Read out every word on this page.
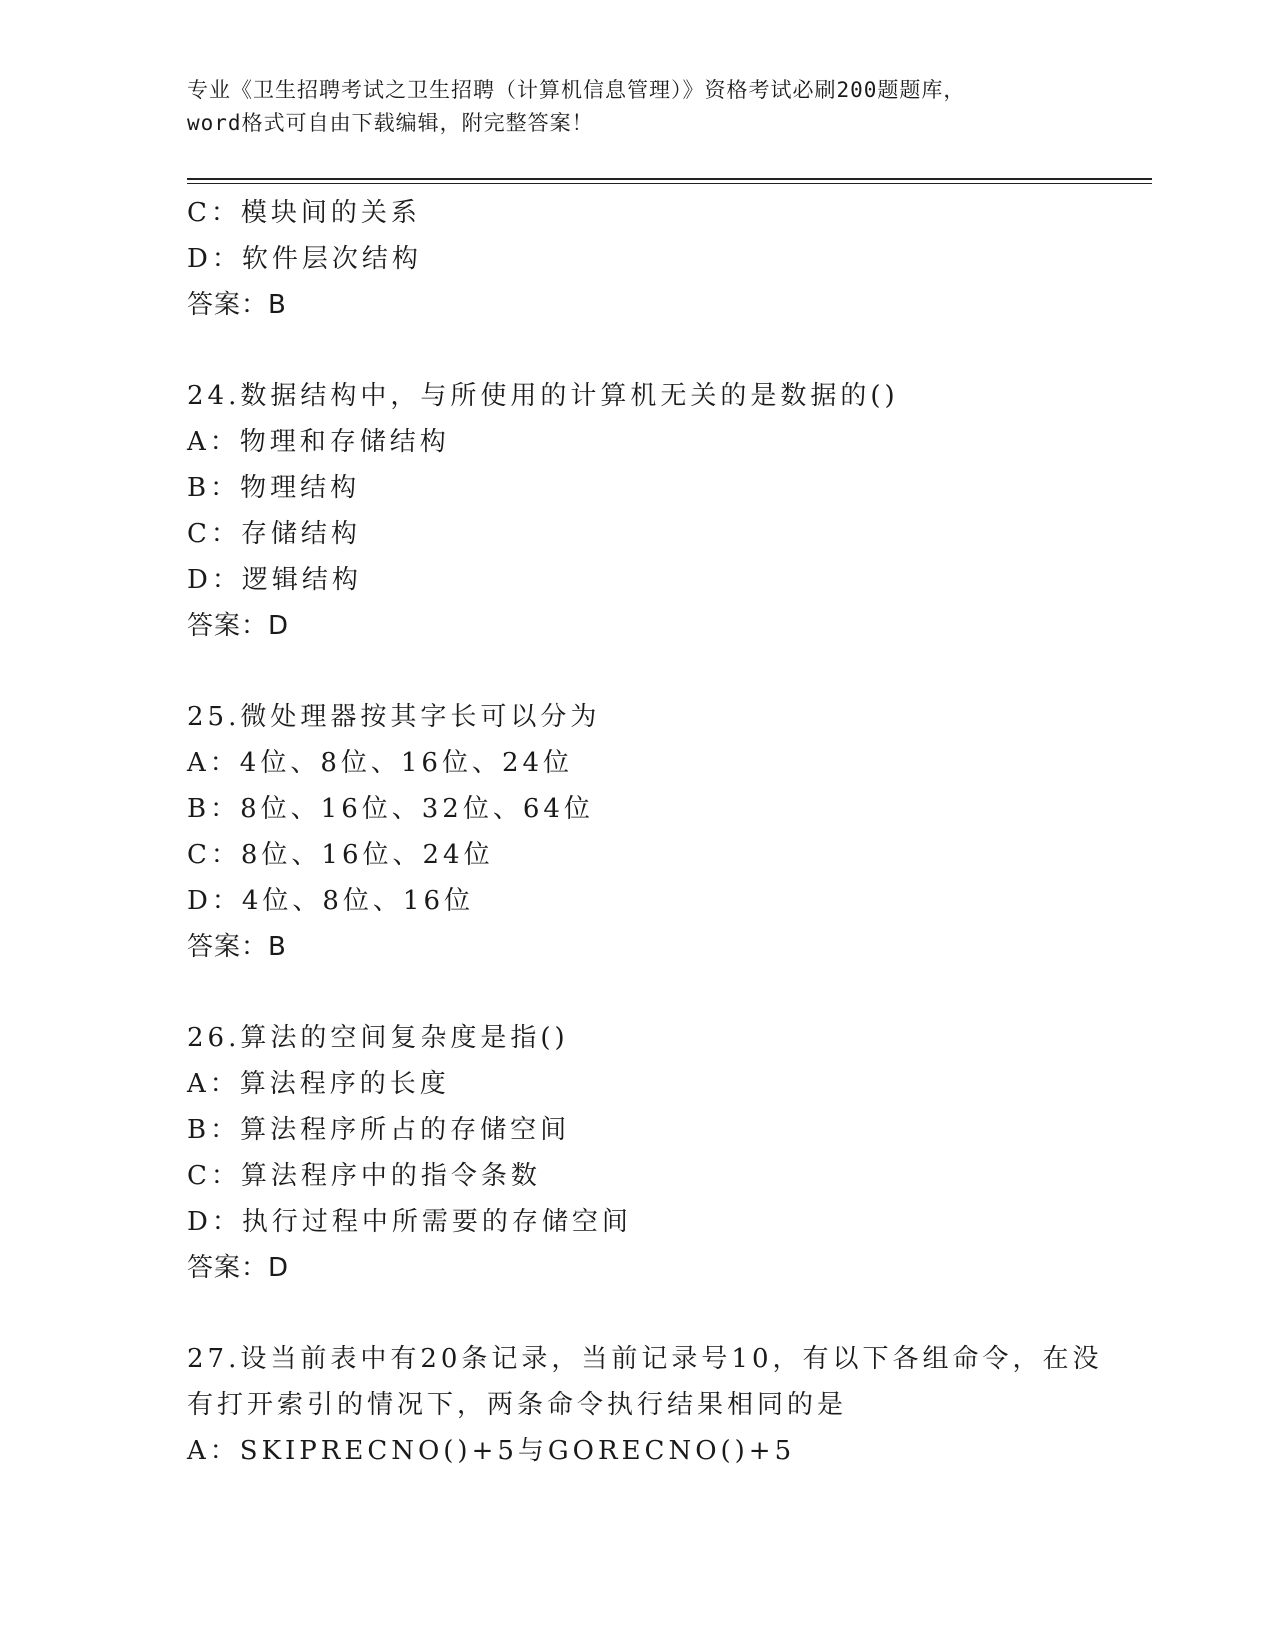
专业《卫生招聘考试之卫生招聘（计算机信息管理）》资格考试必刷200题题库，
word格式可自由下载编辑，附完整答案！
C：模块间的关系
D：软件层次结构
答案：B
24.数据结构中，与所使用的计算机无关的是数据的()
A：物理和存储结构
B：物理结构
C：存储结构
D：逻辑结构
答案：D
25.微处理器按其字长可以分为
A：4位、8位、16位、24位
B：8位、16位、32位、64位
C：8位、16位、24位
D：4位、8位、16位
答案：B
26.算法的空间复杂度是指()
A：算法程序的长度
B：算法程序所占的存储空间
C：算法程序中的指令条数
D：执行过程中所需要的存储空间
答案：D
27.设当前表中有20条记录，当前记录号10，有以下各组命令，在没
有打开索引的情况下，两条命令执行结果相同的是
A：SKIPRECNO()+5与GORECNO()+5
